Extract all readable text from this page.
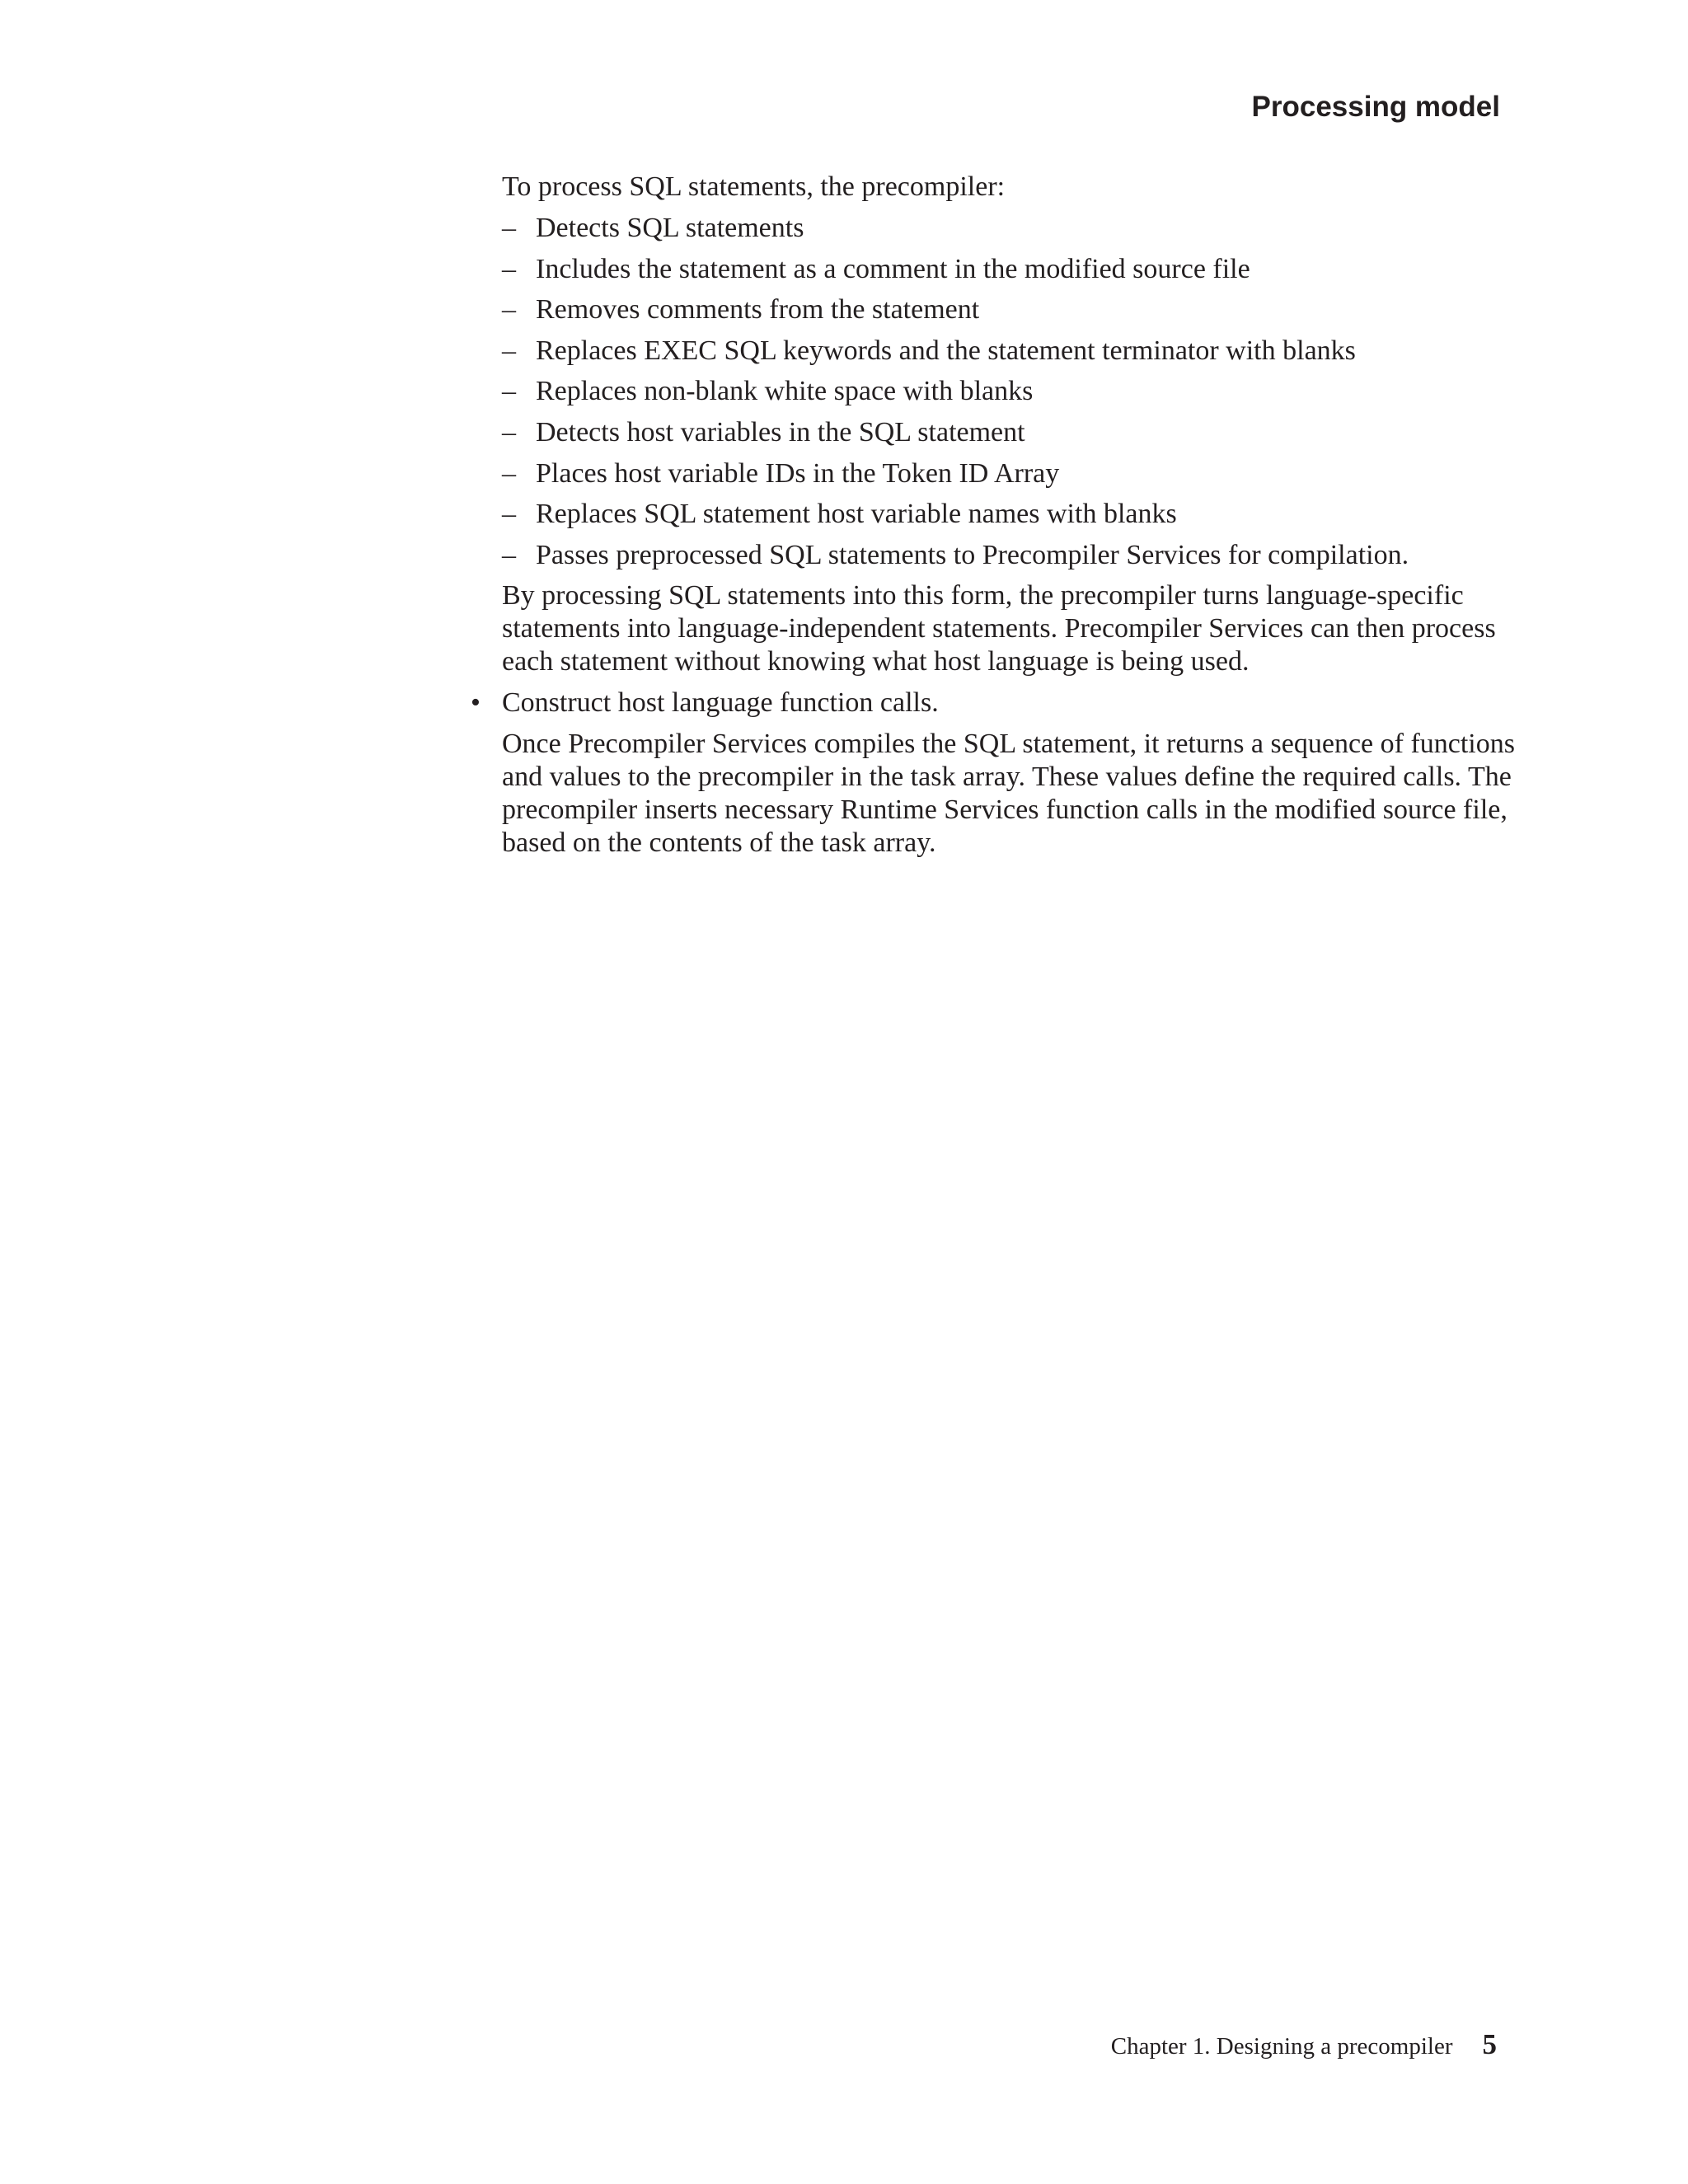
Processing model

To process SQL statements, the precompiler:

– Detects SQL statements
– Includes the statement as a comment in the modified source file
– Removes comments from the statement
– Replaces EXEC SQL keywords and the statement terminator with blanks
– Replaces non-blank white space with blanks
– Detects host variables in the SQL statement
– Places host variable IDs in the Token ID Array
– Replaces SQL statement host variable names with blanks
– Passes preprocessed SQL statements to Precompiler Services for compilation.

By processing SQL statements into this form, the precompiler turns language-specific statements into language-independent statements. Precompiler Services can then process each statement without knowing what host language is being used.

• Construct host language function calls.

Once Precompiler Services compiles the SQL statement, it returns a sequence of functions and values to the precompiler in the task array. These values define the required calls. The precompiler inserts necessary Runtime Services function calls in the modified source file, based on the contents of the task array.

Chapter 1. Designing a precompiler 5
